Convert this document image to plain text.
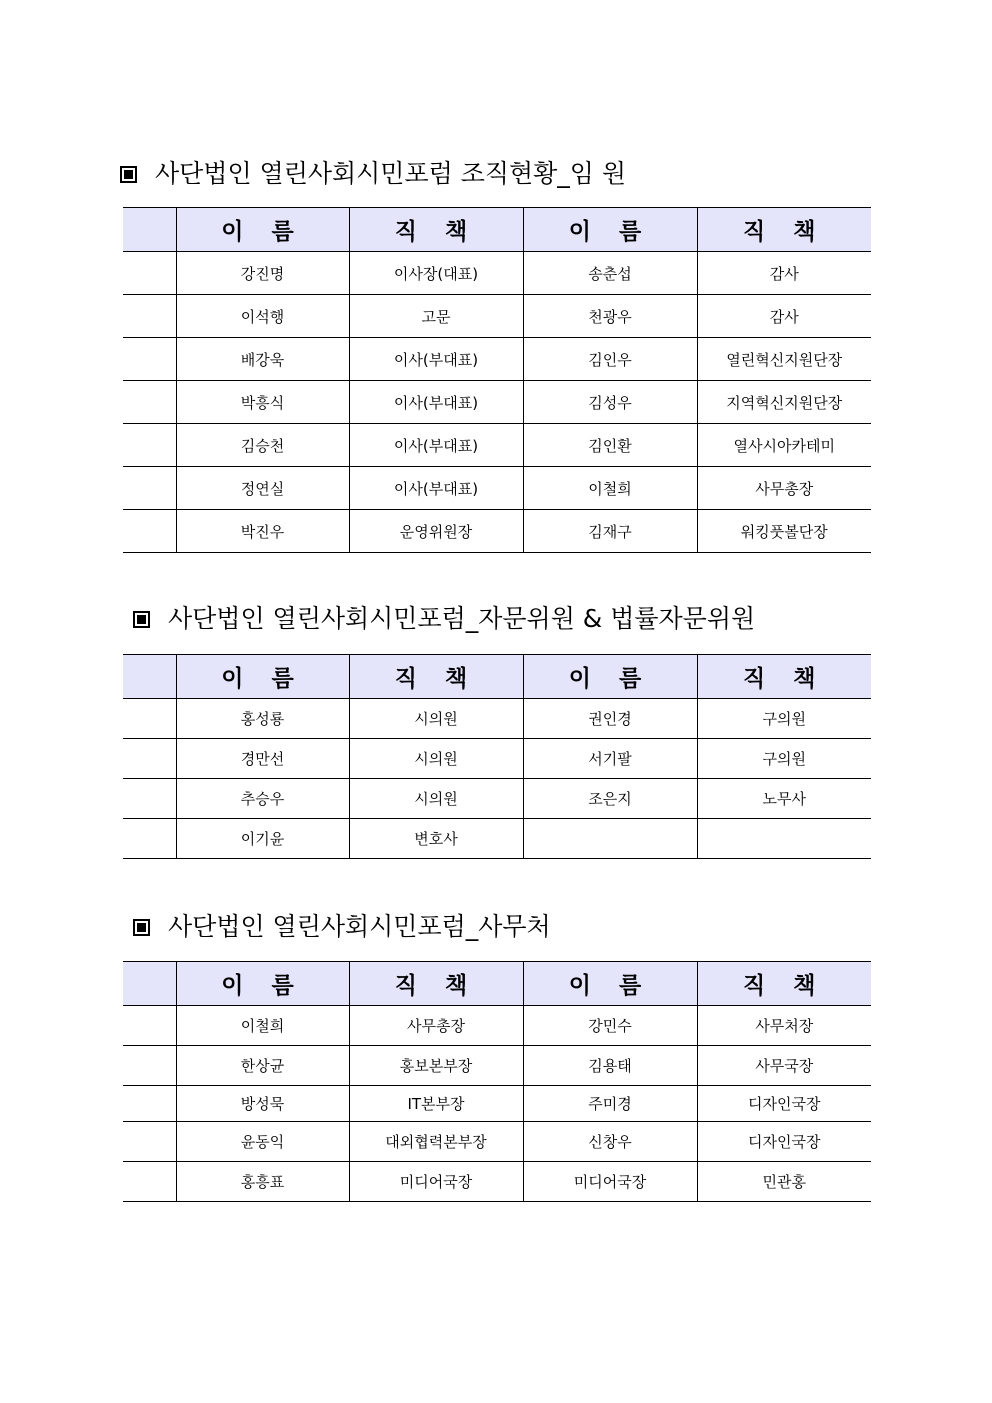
사단법인 열린사회시민포럼 조직현황_임 원
	이 름	직 책	이 름	직 책
	강진명	이사장(대표)	송춘섭	감사
	이석행	고문	천광우	감사
	배강욱	이사(부대표)	김인우	열린혁신지원단장
	박흥식	이사(부대표)	김성우	지역혁신지원단장
	김승천	이사(부대표)	김인환	열사시아카테미
	정연실	이사(부대표)	이철희	사무총장
	박진우	운영위원장	김재구	워킹풋볼단장
사단법인 열린사회시민포럼_자문위원 & 법률자문위원
	이 름	직 책	이 름	직 책
	홍성룡	시의원	권인경	구의원
	경만선	시의원	서기팔	구의원
	추승우	시의원	조은지	노무사
	이기윤	변호사		
사단법인 열린사회시민포럼_사무처
	이 름	직 책	이 름	직 책
	이철희	사무총장	강민수	사무처장
	한상균	홍보본부장	김용태	사무국장
	방성묵	IT본부장	주미경	디자인국장
	윤동익	대외협력본부장	신창우	디자인국장
	홍흥표	미디어국장	미디어국장	민관홍
